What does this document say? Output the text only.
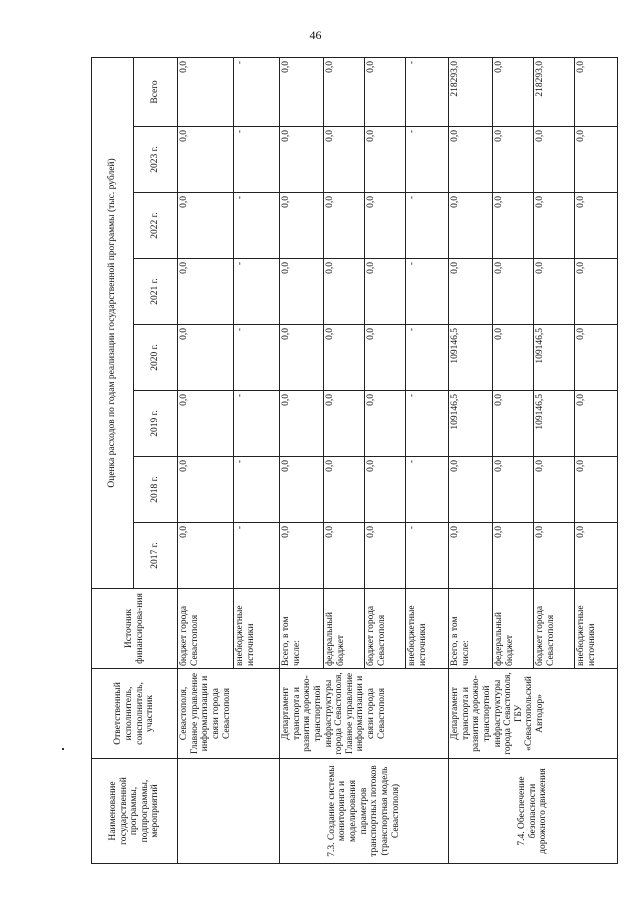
46
Наименование государственной программы, подпрограммы, мероприятий	Ответственный исполнитель, соисполнитель, участник	Источник финансирова-ния	Оценка расходов по годам реализации государственной программы (тыс. рублей)							
			2017 г.	2018 г.	2019 г.	2020 г.	2021 г.	2022 г.	2023 г.	Всего
	Севастополя, Главное управление информатизации и связи города Севастополя	бюджет города Севастополя	0,0	0,0	0,0	0,0	0,0	0,0	0,0	0,0
		внебюджетные источники	-	-	-	-	-	-	-	-
7.3. Создание системы мониторинга и моделирования параметров транспортных потоков (транспортная модель Севастополя)	Департамент транспорта и развития дорожно-транспортной инфраструктуры города Севастополя, Главное управление информатизации и связи города Севастополя	Всего, в том числе:	0,0	0,0	0,0	0,0	0,0	0,0	0,0	0,0
		федеральный бюджет	0,0	0,0	0,0	0,0	0,0	0,0	0,0	0,0
		бюджет города Севастополя	0,0	0,0	0,0	0,0	0,0	0,0	0,0	0,0
		внебюджетные источники	-	-	-	-	-	-	-	-
7.4. Обеспечение безопасности дорожного движения	Департамент транспорта и развития дорожно-транспортной инфраструктуры города Севастополя, ГБУ «Севастопольский Автодор»	Всего, в том числе:	0,0	0,0	109146,5	109146,5	0,0	0,0	0,0	218293,0
		федеральный бюджет	0,0	0,0	0,0	0,0	0,0	0,0	0,0	0,0
		бюджет города Севастополя	0,0	0,0	109146,5	109146,5	0,0	0,0	0,0	218293,0
		внебюджетные источники	0,0	0,0	0,0	0,0	0,0	0,0	0,0	0,0
